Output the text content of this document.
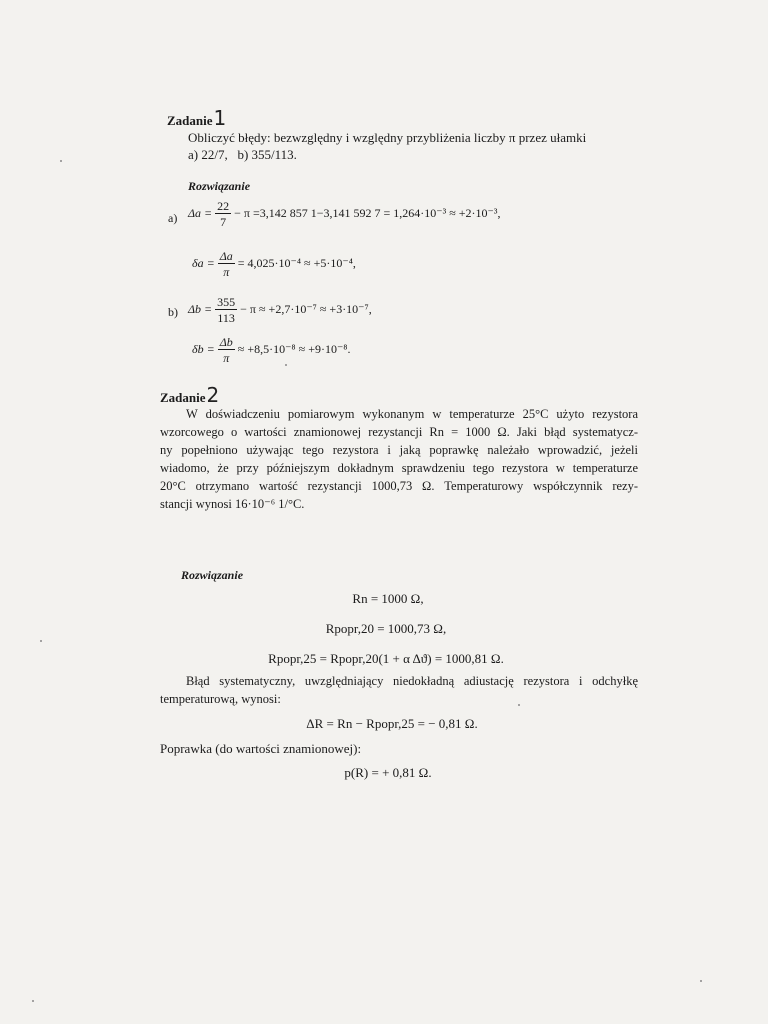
Zadanie1
Obliczyć błędy: bezwzględny i względny przybliżenia liczby π przez ułamki
a) 22/7,   b) 355/113.
Rozwiązanie
a) $\Delta a = \frac{22}{7} - \pi =3,142$ 857 1−3,141 592 7 = 1,264·10⁻³ ≈ +2·10⁻³,
$\delta a = \frac{\Delta a}{\pi} = 4,025\cdot 10^{-4} \approx +5\cdot 10^{-4}$,
b) $\Delta b = \frac{355}{113} - \pi \approx +2,7\cdot 10^{-7} \approx +3\cdot 10^{-7}$,
$\delta b = \frac{\Delta b}{\pi} \approx +8,5\cdot 10^{-8} \approx +9\cdot 10^{-8}$.
Zadanie2
W doświadczeniu pomiarowym wykonanym w temperaturze 25°C użyto rezystora
wzorcowego o wartości znamionowej rezystancji Rn = 1000 Ω. Jaki błąd systematycz-
ny popełniono używając tego rezystora i jaką poprawkę należało wprowadzić, jeżeli
wiadomo, że przy późniejszym dokładnym sprawdzeniu tego rezystora w temperaturze
20°C otrzymano wartość rezystancji 1000,73 Ω. Temperaturowy współczynnik rezy-
stancji wynosi 16·10⁻⁶ 1/°C.
Rozwiązanie
Rn = 1000 Ω,
Rpopr,20 = 1000,73 Ω,
Rpopr,25 = Rpopr,20(1 + α Δϑ) = 1000,81 Ω.
Błąd systematyczny, uwzględniający niedokładną adiustację rezystora i odchyłkę
temperaturową, wynosi:
ΔR = Rn − Rpopr,25 = − 0,81 Ω.
Poprawka (do wartości znamionowej):
p(R) = + 0,81 Ω.
